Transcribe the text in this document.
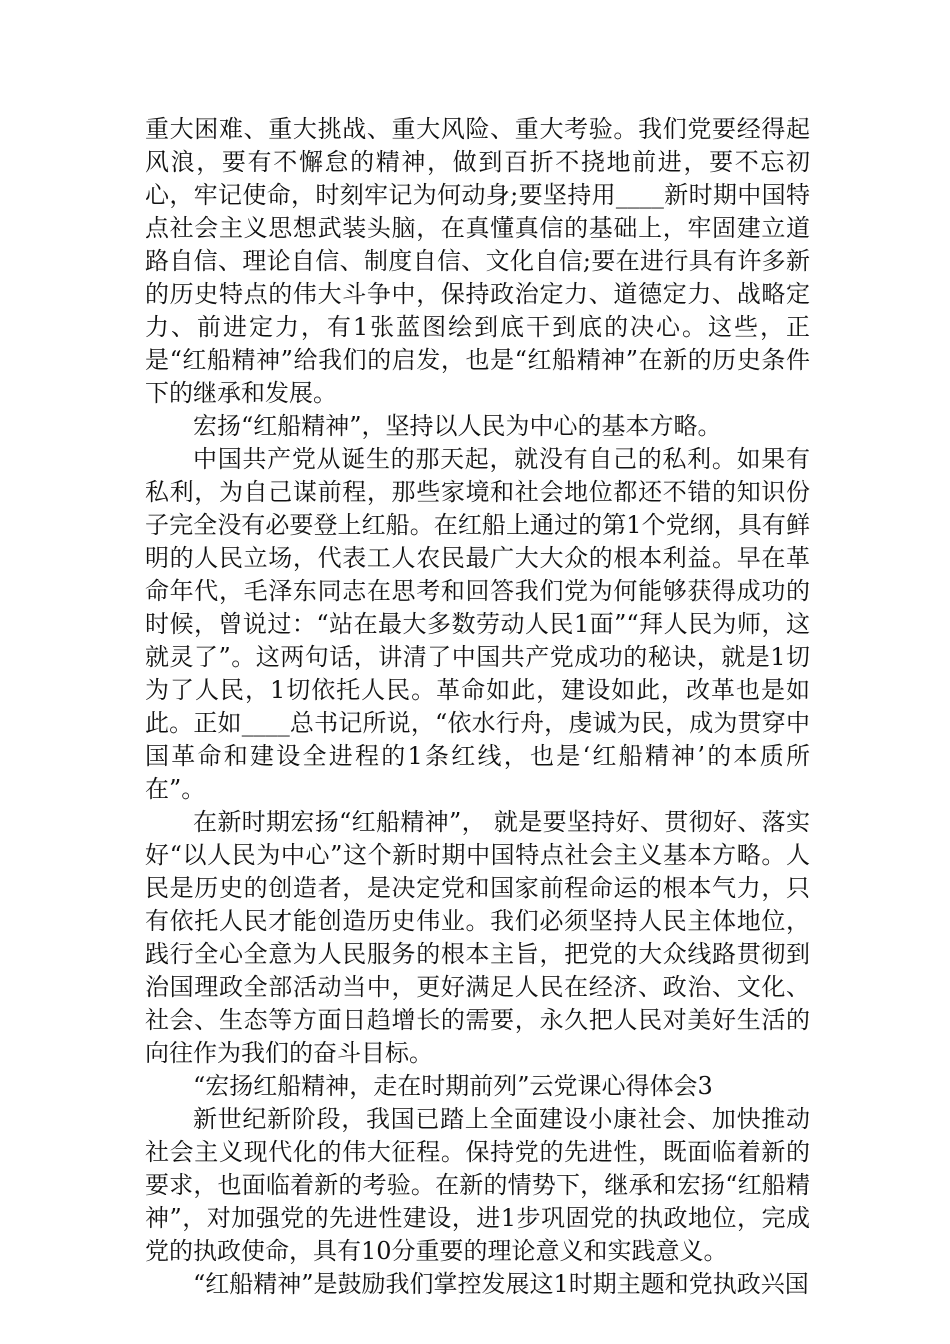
重大困难、重大挑战、重大风险、重大考验。我们党要经得起风浪，要有不懈怠的精神，做到百折不挠地前进，要不忘初心，牢记使命，时刻牢记为何动身;要坚持用____新时期中国特点社会主义思想武装头脑，在真懂真信的基础上，牢固建立道路自信、理论自信、制度自信、文化自信;要在进行具有许多新的历史特点的伟大斗争中，保持政治定力、道德定力、战略定力、前进定力，有1张蓝图绘到底干到底的决心。这些，正是“红船精神”给我们的启发，也是“红船精神”在新的历史条件下的继承和发展。

宏扬“红船精神”，坚持以人民为中心的基本方略。

中国共产党从诞生的那天起，就没有自己的私利。如果有私利，为自己谋前程，那些家境和社会地位都还不错的知识份子完全没有必要登上红船。在红船上通过的第1个党纲，具有鲜明的人民立场，代表工人农民最广大大众的根本利益。早在革命年代，毛泽东同志在思考和回答我们党为何能够获得成功的时候，曾说过：“站在最大多数劳动人民1面”“拜人民为师，这就灵了”。这两句话，讲清了中国共产党成功的秘诀，就是1切为了人民，1切依托人民。革命如此，建设如此，改革也是如此。正如____总书记所说，“依水行舟，虔诚为民，成为贯穿中国革命和建设全进程的1条红线，也是‘红船精神’的本质所在”。

在新时期宏扬“红船精神”， 就是要坚持好、贯彻好、落实好“以人民为中心”这个新时期中国特点社会主义基本方略。人民是历史的创造者，是决定党和国家前程命运的根本气力，只有依托人民才能创造历史伟业。我们必须坚持人民主体地位，践行全心全意为人民服务的根本主旨，把党的大众线路贯彻到治国理政全部活动当中，更好满足人民在经济、政治、文化、社会、生态等方面日趋增长的需要，永久把人民对美好生活的向往作为我们的奋斗目标。

“宏扬红船精神，走在时期前列”云党课心得体会3

新世纪新阶段，我国已踏上全面建设小康社会、加快推动社会主义现代化的伟大征程。保持党的先进性，既面临着新的要求，也面临着新的考验。在新的情势下，继承和宏扬“红船精神”，对加强党的先进性建设，进1步巩固党的执政地位，完成党的执政使命，具有10分重要的理论意义和实践意义。

“红船精神”是鼓励我们掌控发展这1时期主题和党执政兴国
